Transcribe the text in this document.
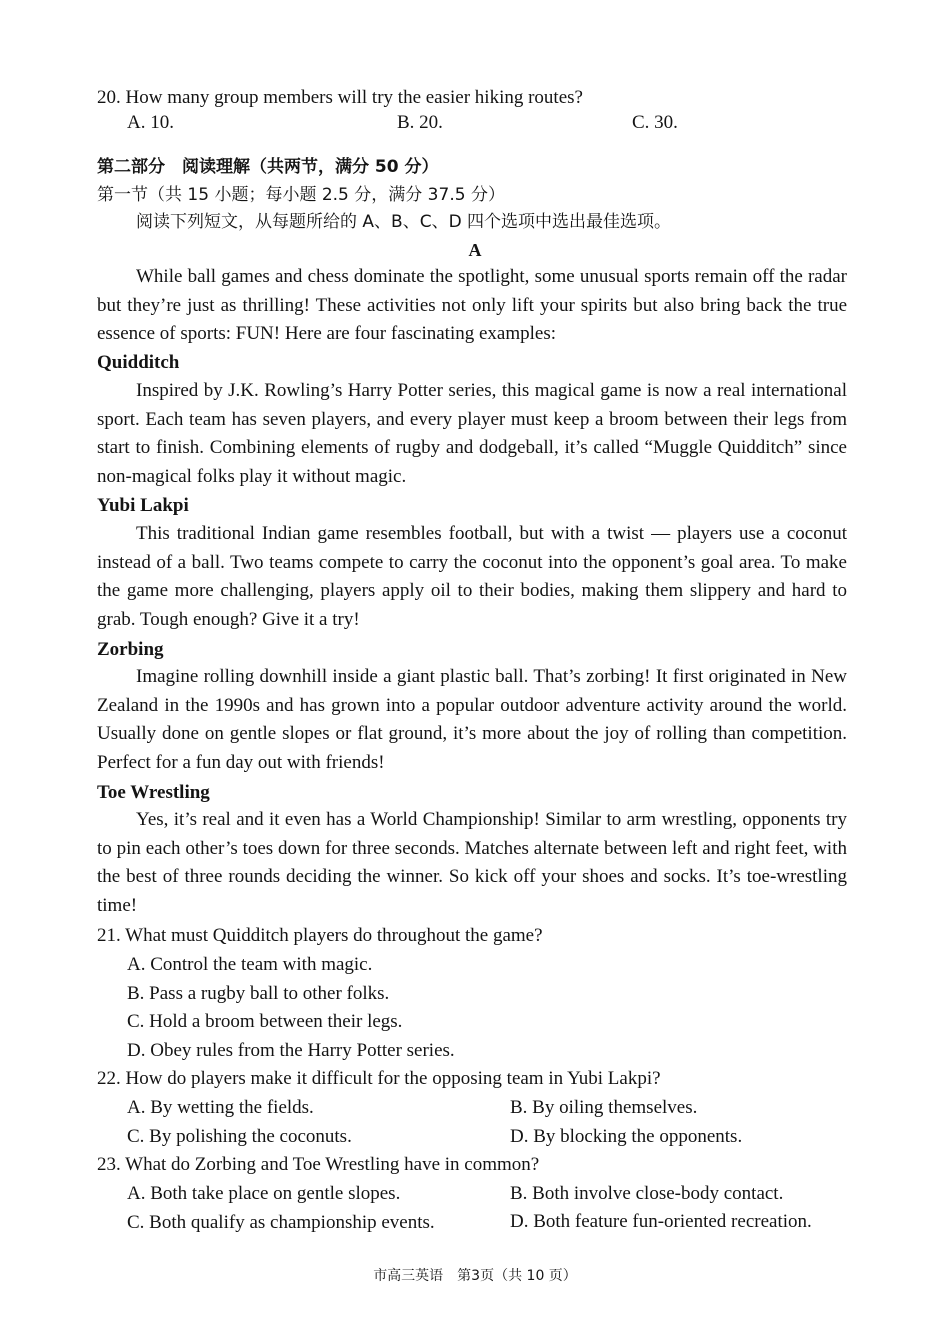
20. How many group members will try the easier hiking routes?
A. 10.	B. 20.	C. 30.
第二部分　阅读理解（共两节，满分 50 分）
第一节（共 15 小题；每小题 2.5 分，满分 37.5 分）
阅读下列短文，从每题所给的 A、B、C、D 四个选项中选出最佳选项。
A
While ball games and chess dominate the spotlight, some unusual sports remain off the radar but they’re just as thrilling! These activities not only lift your spirits but also bring back the true essence of sports: FUN! Here are four fascinating examples:
Quidditch
Inspired by J.K. Rowling’s Harry Potter series, this magical game is now a real international sport. Each team has seven players, and every player must keep a broom between their legs from start to finish. Combining elements of rugby and dodgeball, it’s called “Muggle Quidditch” since non-magical folks play it without magic.
Yubi Lakpi
This traditional Indian game resembles football, but with a twist — players use a coconut instead of a ball. Two teams compete to carry the coconut into the opponent’s goal area. To make the game more challenging, players apply oil to their bodies, making them slippery and hard to grab. Tough enough? Give it a try!
Zorbing
Imagine rolling downhill inside a giant plastic ball. That’s zorbing! It first originated in New Zealand in the 1990s and has grown into a popular outdoor adventure activity around the world. Usually done on gentle slopes or flat ground, it’s more about the joy of rolling than competition. Perfect for a fun day out with friends!
Toe Wrestling
Yes, it’s real and it even has a World Championship! Similar to arm wrestling, opponents try to pin each other’s toes down for three seconds. Matches alternate between left and right feet, with the best of three rounds deciding the winner. So kick off your shoes and socks. It’s toe-wrestling time!
21. What must Quidditch players do throughout the game?
A. Control the team with magic.
B. Pass a rugby ball to other folks.
C. Hold a broom between their legs.
D. Obey rules from the Harry Potter series.
22. How do players make it difficult for the opposing team in Yubi Lakpi?
A. By wetting the fields.	B. By oiling themselves.
C. By polishing the coconuts.	D. By blocking the opponents.
23. What do Zorbing and Toe Wrestling have in common?
A. Both take place on gentle slopes.	B. Both involve close-body contact.
C. Both qualify as championship events.	D. Both feature fun-oriented recreation.
市高三英语　第3页（共 10 页）
